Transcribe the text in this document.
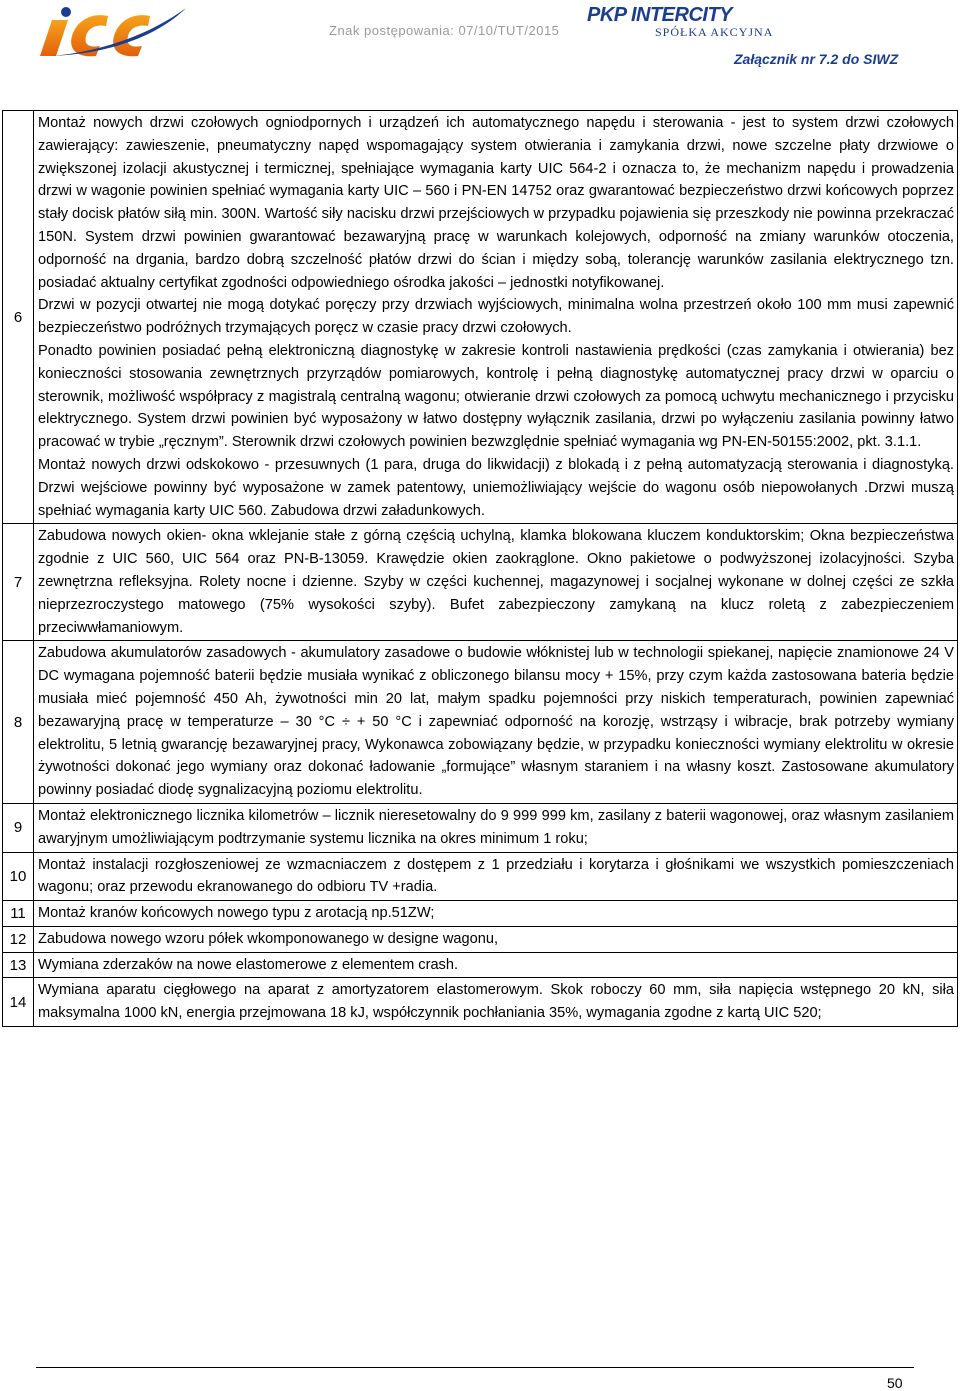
Znak postępowania: 07/10/TUT/2015
PKP INTERCITY
SPÓŁKA AKCYJNA
Załącznik nr 7.2 do SIWZ
6	Montaż nowych drzwi czołowych ogniodpornych i urządzeń ich automatycznego napędu i sterowania - jest to system drzwi czołowych zawierający: zawieszenie, pneumatyczny napęd wspomagający system otwierania i zamykania drzwi, nowe szczelne płaty drzwiowe o zwiększonej izolacji akustycznej i termicznej, spełniające wymagania karty UIC 564-2 i oznacza to, że mechanizm napędu i prowadzenia drzwi w wagonie powinien spełniać wymagania karty UIC – 560 i PN-EN 14752 oraz gwarantować bezpieczeństwo drzwi końcowych poprzez stały docisk płatów siłą min. 300N. Wartość siły nacisku drzwi przejściowych w przypadku pojawienia się przeszkody nie powinna przekraczać 150N. System drzwi powinien gwarantować bezawaryjną pracę w warunkach kolejowych, odporność na zmiany warunków otoczenia, odporność na drgania, bardzo dobrą szczelność płatów drzwi do ścian i między sobą, tolerancję warunków zasilania elektrycznego tzn. posiadać aktualny certyfikat zgodności odpowiedniego ośrodka jakości – jednostki notyfikowanej.

Drzwi w pozycji otwartej nie mogą dotykać poręczy przy drzwiach wyjściowych, minimalna wolna przestrzeń około 100 mm musi zapewnić bezpieczeństwo podróżnych trzymających poręcz w czasie pracy drzwi czołowych.

Ponadto powinien posiadać pełną elektroniczną diagnostykę w zakresie kontroli nastawienia prędkości (czas zamykania i otwierania) bez konieczności stosowania zewnętrznych przyrządów pomiarowych, kontrolę i pełną diagnostykę automatycznej pracy drzwi w oparciu o sterownik, możliwość współpracy z magistralą centralną wagonu; otwieranie drzwi czołowych za pomocą uchwytu mechanicznego i przycisku elektrycznego. System drzwi powinien być wyposażony w łatwo dostępny wyłącznik zasilania, drzwi po wyłączeniu zasilania powinny łatwo pracować w trybie „ręcznym”. Sterownik drzwi czołowych powinien bezwzględnie spełniać wymagania wg PN-EN-50155:2002, pkt. 3.1.1.

Montaż nowych drzwi odskokowo - przesuwnych (1 para, druga do likwidacji) z blokadą i z pełną automatyzacją sterowania i diagnostyką. Drzwi wejściowe powinny być wyposażone w zamek patentowy, uniemożliwiający wejście do wagonu osób niepowołanych .Drzwi muszą spełniać wymagania karty UIC 560. Zabudowa drzwi załadunkowych.

7	Zabudowa nowych okien- okna wklejanie stałe z górną częścią uchylną, klamka blokowana kluczem konduktorskim; Okna bezpieczeństwa zgodnie z UIC 560, UIC 564 oraz PN-B-13059. Krawędzie okien zaokrąglone. Okno pakietowe o podwyższonej izolacyjności. Szyba zewnętrzna refleksyjna. Rolety nocne i dzienne. Szyby w części kuchennej, magazynowej i socjalnej wykonane w dolnej części ze szkła nieprzezroczystego matowego (75% wysokości szyby). Bufet zabezpieczony zamykaną na klucz roletą z zabezpieczeniem przeciwwłamaniowym.

8	Zabudowa akumulatorów zasadowych - akumulatory zasadowe o budowie włóknistej lub w technologii spiekanej, napięcie znamionowe 24 V DC wymagana pojemność baterii będzie musiała wynikać z obliczonego bilansu mocy + 15%, przy czym każda zastosowana bateria będzie musiała mieć pojemność 450 Ah, żywotności min 20 lat, małym spadku pojemności przy niskich temperaturach, powinien zapewniać bezawaryjną pracę w temperaturze – 30 °C ÷ + 50 °C i zapewniać odporność na korozję, wstrząsy i wibracje, brak potrzeby wymiany elektrolitu, 5 letnią gwarancję bezawaryjnej pracy, Wykonawca zobowiązany będzie, w przypadku konieczności wymiany elektrolitu w okresie żywotności dokonać jego wymiany oraz dokonać ładowanie „formujące” własnym staraniem i na własny koszt. Zastosowane akumulatory powinny posiadać diodę sygnalizacyjną poziomu elektrolitu.

9	Montaż elektronicznego licznika kilometrów – licznik nieresetowalny do 9 999 999 km, zasilany z baterii wagonowej, oraz własnym zasilaniem awaryjnym umożliwiającym podtrzymanie systemu licznika na okres minimum 1 roku;

10	Montaż instalacji rozgłoszeniowej ze wzmacniaczem z dostępem z 1 przedziału i korytarza i głośnikami we wszystkich pomieszczeniach wagonu; oraz przewodu ekranowanego do odbioru TV +radia.

11	Montaż kranów końcowych nowego typu z arotacją np.51ZW;

12	Zabudowa nowego wzoru półek wkomponowanego w designe wagonu,

13	Wymiana zderzaków na nowe elastomerowe z elementem crash.

14	Wymiana aparatu cięgłowego na aparat z amortyzatorem elastomerowym. Skok roboczy 60 mm, siła napięcia wstępnego 20 kN, siła maksymalna 1000 kN, energia przejmowana 18 kJ, współczynnik pochłaniania 35%, wymagania zgodne z kartą UIC 520;

50
